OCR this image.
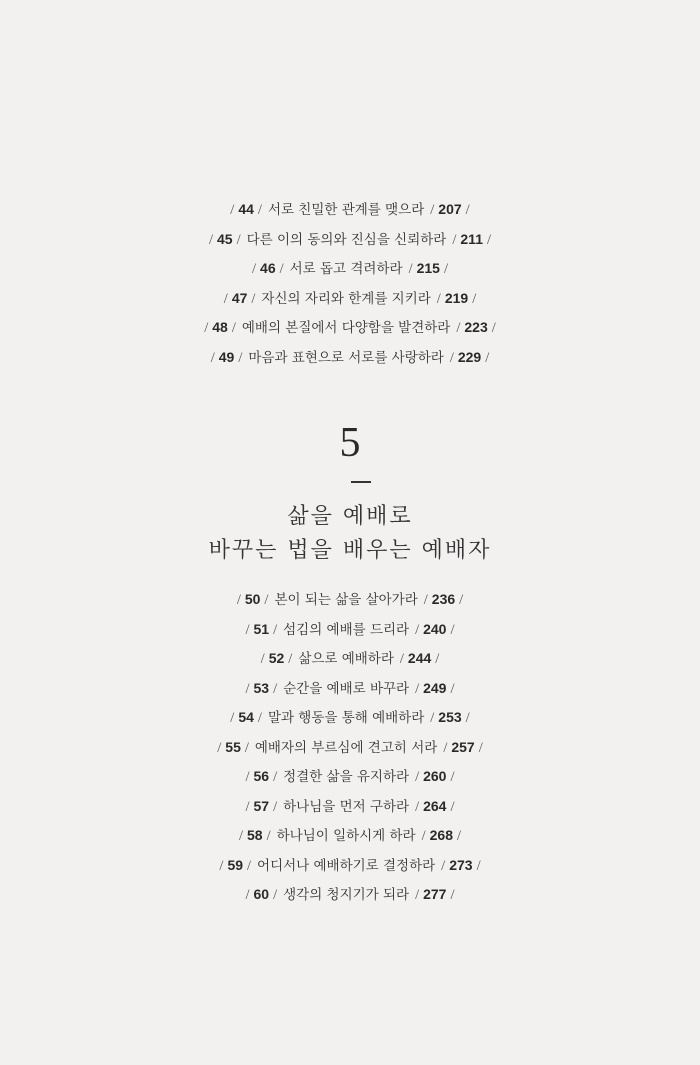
/ 44 / 서로 친밀한 관계를 맺으라 / 207 /
/ 45 / 다른 이의 동의와 진심을 신뢰하라 / 211 /
/ 46 / 서로 돕고 격려하라 / 215 /
/ 47 / 자신의 자리와 한계를 지키라 / 219 /
/ 48 / 예배의 본질에서 다양함을 발견하라 / 223 /
/ 49 / 마음과 표현으로 서로를 사랑하라 / 229 /
5
삶을 예배로
바꾸는 법을 배우는 예배자
/ 50 / 본이 되는 삶을 살아가라 / 236 /
/ 51 / 섬김의 예배를 드리라 / 240 /
/ 52 / 삶으로 예배하라 / 244 /
/ 53 / 순간을 예배로 바꾸라 / 249 /
/ 54 / 말과 행동을 통해 예배하라 / 253 /
/ 55 / 예배자의 부르심에 견고히 서라 / 257 /
/ 56 / 정결한 삶을 유지하라 / 260 /
/ 57 / 하나님을 먼저 구하라 / 264 /
/ 58 / 하나님이 일하시게 하라 / 268 /
/ 59 / 어디서나 예배하기로 결정하라 / 273 /
/ 60 / 생각의 청지기가 되라 / 277 /
